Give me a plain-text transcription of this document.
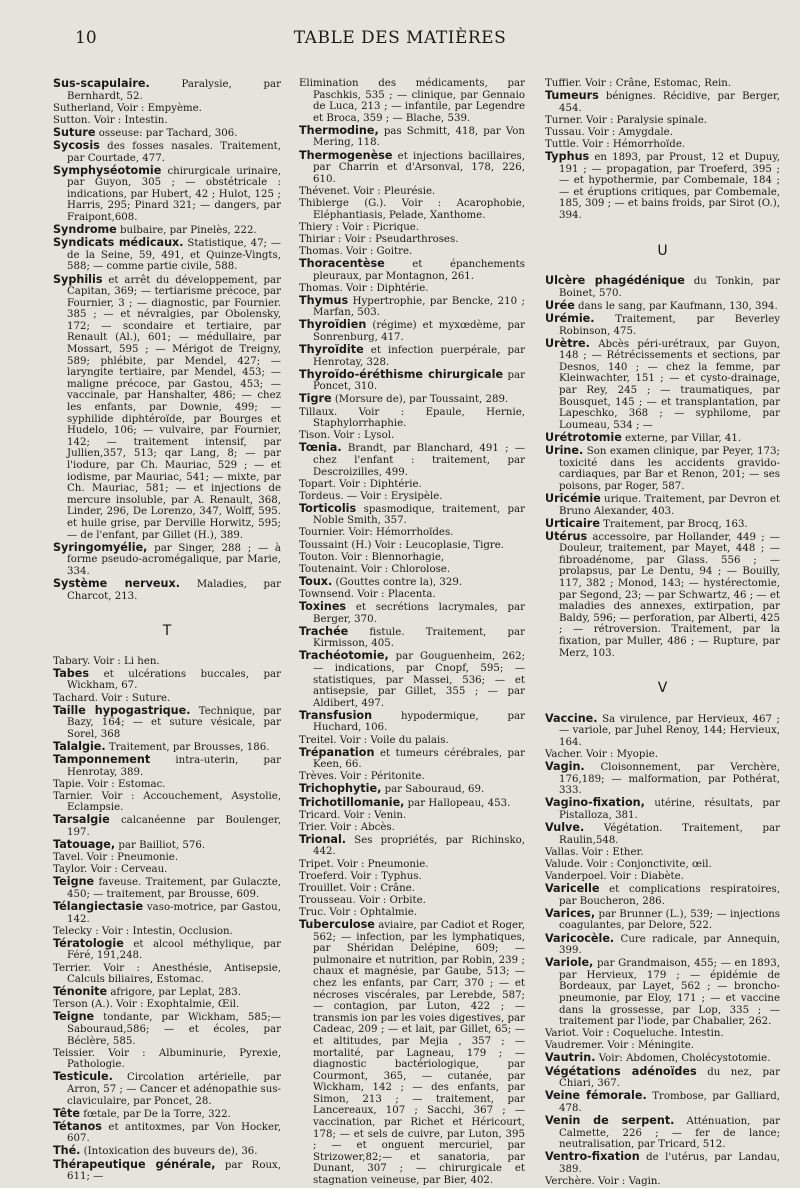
10	TABLE DES MATIÈRES
Sus-scapulaire. Paralysie, par Bernhardt, 52.
Sutherland, Voir : Empyème.
Sutton. Voir : Intestin.
Suture osseuse: par Tachard, 306.
Sycosis des fosses nasales. Traitement, par Courtade, 477.
Symphyséotomie chirurgicale urinaire, par Guyon, 305 ; — obstétricale : indications, par Hubert, 42 ; Hulot, 125 ; Harris, 295; Pinard 321; — dangers, par Fraipont,608.
Syndrome bulbaire, par Pinelès, 222.
Syndicats médicaux. Statistique, 47; — de la Seine, 59, 491, et Quinze-Vingts, 588; — comme partie civile, 588.
Syphilis et arrêt du développement, par Capitan, 369; — tertiarisme précoce, par Fournier, 3 ; — diagnostic, par Fournier. 385 ; — et névralgies, par Obolensky, 172; — scondaire et tertiaire, par Renault (Al.), 601; — médullaire, par Mossart, 595 ; — Mérigot de Treigny, 589; phlébite, par Mendel, 427; — laryngite tertiaire, par Mendel, 453; — maligne précoce, par Gastou, 453; — vaccinale, par Hanshalter, 486; — chez les enfants, par Downie, 499; — syphilide diphtéroïde, par Bourges et Hudelo, 106; — vulvaire, par Fournier, 142; — traitement intensif, par Jullien,357, 513; qar Lang, 8; — par l'iodure, par Ch. Mauriac, 529 ; — et iodisme, par Mauriac, 541; — mixte, par Ch. Mauriac, 581; — et injections de mercure insoluble, par A. Renault, 368, Linder, 296, De Lorenzo, 347, Wolff, 595. et huile grise, par Derville Horwitz, 595; — de l'enfant, par Gillet (H.), 389.
Syringomyélie, par Singer, 288 ; — à forme pseudo-acromégalique, par Marie, 334.
Système nerveux. Maladies, par Charcot, 213.
T
Tabary. Voir : Li hen.
Tabes et ulcérations buccales, par Wickham, 67.
Tachard. Voir : Suture.
Taille hypogastrique. Technique, par Bazy, 164; — et suture vésicale, par Sorel, 368
Talalgie. Traitement, par Brousses, 186.
Tamponnement intra-uterin, par Henrotay, 389.
Tapie. Voir : Estomac.
Tarnier. Voir : Accouchement, Asystolie, Eclampsie.
Tarsalgie calcanéenne par Boulenger, 197.
Tatouage, par Bailliot, 576.
Tavel. Voir : Pneumonie.
Taylor. Voir : Cerveau.
Teigne faveuse. Traitement, par Gulaczte, 450; — traitement, par Brousse, 609.
Télangiectasie vaso-motrice, par Gastou, 142.
Telecky : Voir : Intestin, Occlusion.
Tératologie et alcool méthylique, par Féré, 191,248.
Terrier. Voir : Anesthésie, Antisepsie, Calculs biliaires, Estomac.
Ténonite afrigore, par Leplat, 283.
Terson (A.). Voir : Exophtalmie, Œil.
Teigne tondante, par Wickham, 585;— Sabouraud,586; — et écoles, par Béclère, 585.
Teissier. Voir : Albuminurie, Pyrexie, Pathologie.
Testicule. Circolation artérielle, par Arron, 57 ; — Cancer et adénopathie sus-claviculaire, par Poncet, 28.
Tête fœtale, par De la Torre, 322.
Tétanos et antitoxmes, par Von Hocker, 607.
Thé. (Intoxication des buveurs de), 36.
Thérapeutique générale, par Roux, 611; —
Elimination des médicaments, par Paschkis, 535 ; — clinique, par Gennaio de Luca, 213 ; — infantile, par Legendre et Broca, 359 ; — Blache, 539.
Thermodine, pas Schmitt, 418, par Von Mering, 118.
Thermogenèse et injections bacillaires, par Charrin et d'Arsonval, 178, 226, 610.
Thévenet. Voir : Pleurésie.
Thibierge (G.). Voir : Acarophobie, Eléphantiasis, Pelade, Xanthome.
Thiery : Voir : Picrique.
Thiriar : Voir : Pseudarthroses.
Thomas. Voir : Goitre.
Thoracentèse et épanchements pleuraux, par Montagnon, 261.
Thomas. Voir : Diphtérie.
Thymus Hypertrophie, par Bencke, 210 ; Marfan, 503.
Thyroïdien (régime) et myxœdème, par Sonrenburg, 417.
Thyroïdite et infection puerpérale, par Henrotay, 328.
Thyroïdo-éréthisme chirurgicale par Poncet, 310.
Tigre (Morsure de), par Toussaint, 289.
Tillaux. Voir : Epaule, Hernie, Staphylorrhaphie.
Tison. Voir : Lysol.
Tœnia. Brandt, par Blanchard, 491 ; — chez l'enfant : traitement, par Descroizilles, 499.
Topart. Voir : Diphtérie.
Tordeus. — Voir : Erysipèle.
Torticolis spasmodique, traitement, par Noble Smith, 357.
Tournier. Voir: Hémorrhoïdes.
Toussaint (H.) Voir : Leucoplasie, Tigre.
Touton. Voir : Blennorhagie,
Toutenaint. Voir : Chlorolose.
Toux. (Gouttes contre la), 329.
Townsend. Voir : Placenta.
Toxines et secrétions lacrymales, par Berger, 370.
Trachée fistule. Traitement, par Kirmisson, 405.
Trachéotomie, par Gouguenheim, 262; — indications, par Cnopf, 595; — statistiques, par Massei, 536; — et antisepsie, par Gillet, 355 ; — par Aldibert, 497.
Transfusion hypodermique, par Huchard, 106.
Treitel. Voir : Voile du palais.
Trépanation et tumeurs cérébrales, par Keen, 66.
Trèves. Voir : Péritonite.
Trichophytie, par Sabouraud, 69.
Trichotillomanie, par Hallopeau, 453.
Tricard. Voir : Venin.
Trier. Voir : Abcès.
Trional. Ses propriétés, par Richinsko, 442.
Tripet. Voir : Pneumonie.
Troeferd. Voir : Typhus.
Trouillet. Voir : Crâne.
Trousseau. Voir : Orbite.
Truc. Voir : Ophtalmie.
Tuberculose aviaire, par Cadiot et Roger, 562; — infection, par les lymphatiques, par Shéridan Delépine, 609; — pulmonaire et nutrition, par Robin, 239 ; chaux et magnésie, par Gaube, 513; — chez les enfants, par Carr, 370 ; — et nécroses viscérales, par Lerebde, 587; — contagion, par Luton, 422 ; — transmis ion par les voies digestives, par Cadeac, 209 ; — et lait, par Gillet, 65; — et altitudes, par Mejia , 357 ; — mortalité, par Lagneau, 179 ; — diagnostic bactériologique, par Courmont, 365, — cutanée, par Wickham, 142 ; — des enfants, par Simon, 213 ; — traitement, par Lancereaux, 107 ; Sacchi, 367 ; — vaccination, par Richet et Héricourt, 178; — et sels de cuivre, par Luton, 395 ; — et onguent mercuriel, par Strizower,82;— et sanatoria, par Dunant, 307 ; — chirurgicale et stagnation veineuse, par Bier, 402.
Tuffier. Voir : Crâne, Estomac, Rein.
Tumeurs bénignes. Récidive, par Berger, 454.
Turner. Voir : Paralysie spinale.
Tussau. Voir : Amygdale.
Tuttle. Voir : Hémorrhoïde.
Typhus en 1893, par Proust, 12 et Dupuy, 191 ; — propagation, par Troeferd, 395 ; — et hypothermie, par Combemale, 184 ; — et éruptions critiques, par Combemale, 185, 309 ; — et bains froids, par Sirot (O.), 394.
U
Ulcère phagédénique du Tonkin, par Boinet, 570.
Urée dans le sang, par Kaufmann, 130, 394.
Urémie. Traitement, par Beverley Robinson, 475.
Urètre. Abcès péri-urétraux, par Guyon, 148 ; — Rétrécissements et sections, par Desnos, 140 ; — chez la femme, par Kleinwachter, 151 ; — et cysto-drainage, par Rey, 245 ; — traumatiques, par Bousquet, 145 ; — et transplantation, par Lapeschko, 368 ; — syphilome, par Loumeau, 534 ; —
Urétrotomie externe, par Villar, 41.
Urine. Son examen clinique, par Peyer, 173; toxicité dans les accidents gravido-cardiaques, par Bar et Renon, 201; — ses poisons, par Roger, 587.
Uricémie urique. Traitement, par Devron et Bruno Alexander, 403.
Urticaire Traitement, par Brocq, 163.
Utérus accessoire, par Hollander, 449 ; — Douleur, traitement, par Mayet, 448 ; — fibroadénome, par Glass. 556 ; — prolapsus, par Le Dentu, 94 ; — Bouilly, 117, 382 ; Monod, 143; — hystérectomie, par Segond, 23; — par Schwartz, 46 ; — et maladies des annexes, extirpation, par Baldy, 596; — perforation, par Alberti, 425 ; — rétroversion. Traitement, par la fixation, par Muller, 486 ; — Rupture, par Merz, 103.
V
Vaccine. Sa virulence, par Hervieux, 467 ; — variole, par Juhel Renoy, 144; Hervieux, 164.
Vacher. Voir : Myopie.
Vagin. Cloisonnement, par Verchère, 176,189; — malformation, par Pothérat, 333.
Vagino-fixation, utérine, résultats, par Pistalloza, 381.
Vulve. Végétation. Traitement, par Raulin,548.
Vallas. Voir : Ether.
Valude. Voir : Conjonctivite, œil.
Vanderpoel. Voir : Diabète.
Varicelle et complications respiratoires, par Boucheron, 286.
Varices, par Brunner (L.), 539; — injections coagulantes, par Delore, 522.
Varicocèle. Cure radicale, par Annequin, 399.
Variole, par Grandmaison, 455; — en 1893, par Hervieux, 179 ; — épidémie de Bordeaux, par Layet, 562 ; — broncho-pneumonie, par Eloy, 171 ; — et vaccine dans la grossesse, par Lop, 335 ; — traitement par l'iode, par Chabalier, 262.
Variot. Voir : Coqueluche. Intestin.
Vaudremer. Voir : Méningite.
Vautrin. Voir: Abdomen, Cholécystotomie.
Végétations adénoïdes du nez, par Chiari, 367.
Veine fémorale. Trombose, par Galliard, 478.
Venin de serpent. Atténuation, par Calmette, 226 ; — fer de lance; neutralisation, par Tricard, 512.
Ventro-fixation de l'utérus, par Landau, 389.
Verchère. Voir : Vagin.
